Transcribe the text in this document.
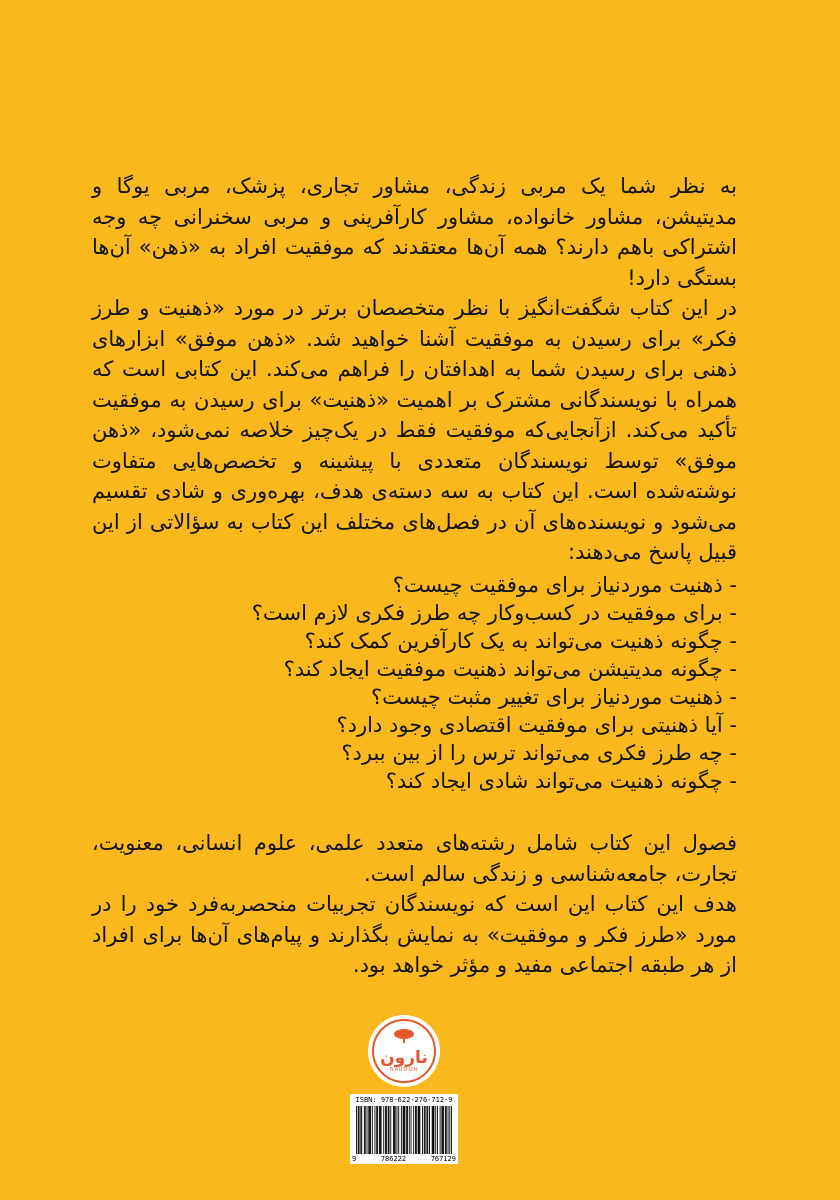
به نظر شما یک مربی زندگی، مشاور تجاری، پزشک، مربی یوگا و مدیتیشن، مشاور خانواده، مشاور کارآفرینی و مربی سخنرانی چه وجه اشتراکی باهم دارند؟ همه آن‌ها معتقدند که موفقیت افراد به «ذهن» آن‌ها بستگی دارد!

در این کتاب شگفت‌انگیز با نظر متخصصان برتر در مورد «ذهنیت و طرز فکر» برای رسیدن به موفقیت آشنا خواهید شد. «ذهن موفق» ابزارهای ذهنی برای رسیدن شما به اهدافتان را فراهم می‌کند. این کتابی است که همراه با نویسندگانی مشترک بر اهمیت «ذهنیت» برای رسیدن به موفقیت تأکید می‌کند. ازآنجایی‌که موفقیت فقط در یک‌چیز خلاصه نمی‌شود، «ذهن موفق» توسط نویسندگان متعددی با پیشینه و تخصص‌هایی متفاوت نوشته‌شده است. این کتاب به سه دسته‌ی هدف، بهره‌وری و شادی تقسیم می‌شود و نویسنده‌های آن در فصل‌های مختلف این کتاب به سؤالاتی از این قبیل پاسخ می‌دهند:

- ذهنیت موردنیاز برای موفقیت چیست؟

- برای موفقیت در کسب‌وکار چه طرز فکری لازم است؟

- چگونه ذهنیت می‌تواند به یک کارآفرین کمک کند؟

- چگونه مدیتیشن می‌تواند ذهنیت موفقیت ایجاد کند؟

- ذهنیت موردنیاز برای تغییر مثبت چیست؟

- آیا ذهنیتی برای موفقیت اقتصادی وجود دارد؟

- چه طرز فکری می‌تواند ترس را از بین ببرد؟

- چگونه ذهنیت می‌تواند شادی ایجاد کند؟

فصول این کتاب شامل رشته‌های متعدد علمی، علوم انسانی، معنویت، تجارت، جامعه‌شناسی و زندگی سالم است.

هدف این کتاب این است که نویسندگان تجربیات منحصربه‌فرد خود را در مورد «طرز فکر و موفقیت» به نمایش بگذارند و پیام‌های آن‌ها برای افراد از هر طبقه اجتماعی مفید و مؤثر خواهد بود.

نارون
NAROON
ISBN: 978-622-276-712-9
9	786222	767129
